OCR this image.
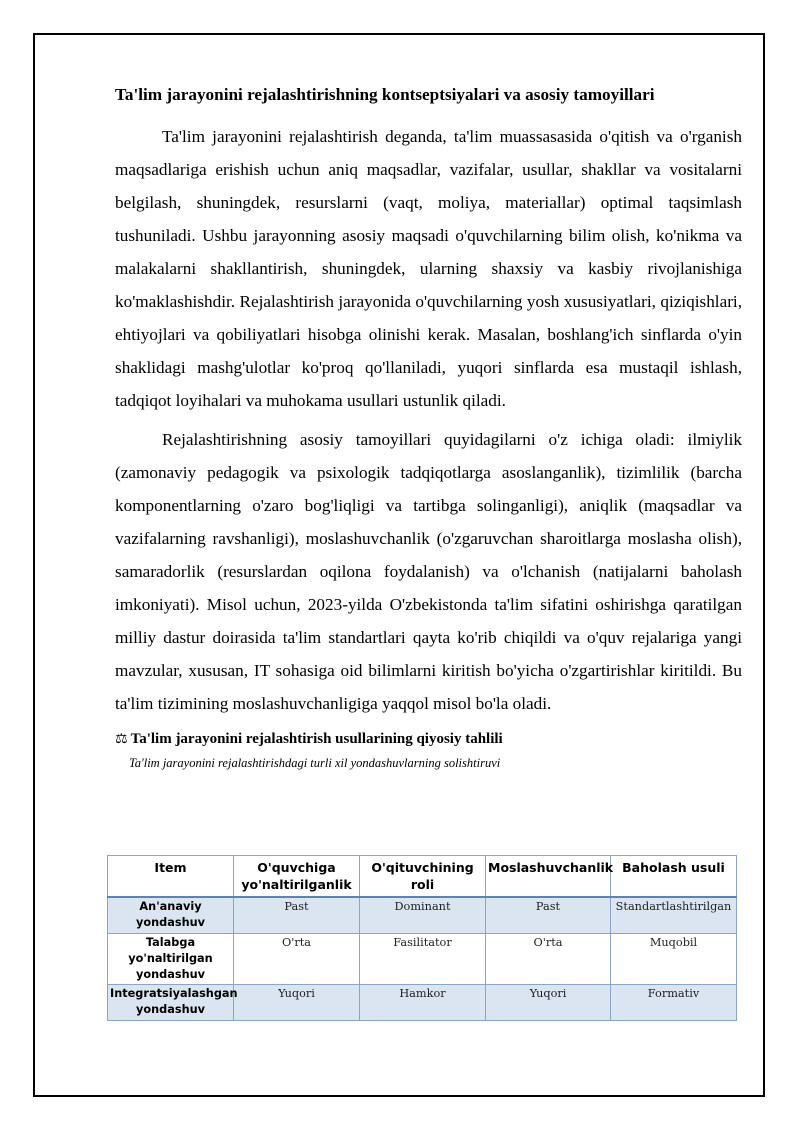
Ta'lim jarayonini rejalashtirishning kontseptsiyalari va asosiy tamoyillari

Ta'lim jarayonini rejalashtirish deganda, ta'lim muassasasida o'qitish va o'rganish maqsadlariga erishish uchun aniq maqsadlar, vazifalar, usullar, shakllar va vositalarni belgilash, shuningdek, resurslarni (vaqt, moliya, materiallar) optimal taqsimlash tushuniladi. Ushbu jarayonning asosiy maqsadi o'quvchilarning bilim olish, ko'nikma va malakalarni shakllantirish, shuningdek, ularning shaxsiy va kasbiy rivojlanishiga ko'maklashishdir. Rejalashtirish jarayonida o'quvchilarning yosh xususiyatlari, qiziqishlari, ehtiyojlari va qobiliyatlari hisobga olinishi kerak. Masalan, boshlang'ich sinflarda o'yin shaklidagi mashg'ulotlar ko'proq qo'llaniladi, yuqori sinflarda esa mustaqil ishlash, tadqiqot loyihalari va muhokama usullari ustunlik qiladi.

Rejalashtirishning asosiy tamoyillari quyidagilarni o'z ichiga oladi: ilmiylik (zamonaviy pedagogik va psixologik tadqiqotlarga asoslanganlik), tizimlilik (barcha komponentlarning o'zaro bog'liqligi va tartibga solinganligi), aniqlik (maqsadlar va vazifalarning ravshanligi), moslashuvchanlik (o'zgaruvchan sharoitlarga moslasha olish), samaradorlik (resurslardan oqilona foydalanish) va o'lchanish (natijalarni baholash imkoniyati). Misol uchun, 2023-yilda O'zbekistonda ta'lim sifatini oshirishga qaratilgan milliy dastur doirasida ta'lim standartlari qayta ko'rib chiqildi va o'quv rejalariga yangi mavzular, xususan, IT sohasiga oid bilimlarni kiritish bo'yicha o'zgartirishlar kiritildi. Bu ta'lim tizimining moslashuvchanligiga yaqqol misol bo'la oladi.

⚖ Ta'lim jarayonini rejalashtirish usullarining qiyosiy tahlili
Ta'lim jarayonini rejalashtirishdagi turli xil yondashuvlarning solishtiruvi
Item	O'quvchiga yo'naltirilganlik	O'qituvchining roli	Moslashuvchanlik	Baholash usuli
An'anaviy yondashuv	Past	Dominant	Past	Standartlashtirilgan
Talabga yo'naltirilgan yondashuv	O'rta	Fasilitator	O'rta	Muqobil
Integratsiyalashgan yondashuv	Yuqori	Hamkor	Yuqori	Formativ
